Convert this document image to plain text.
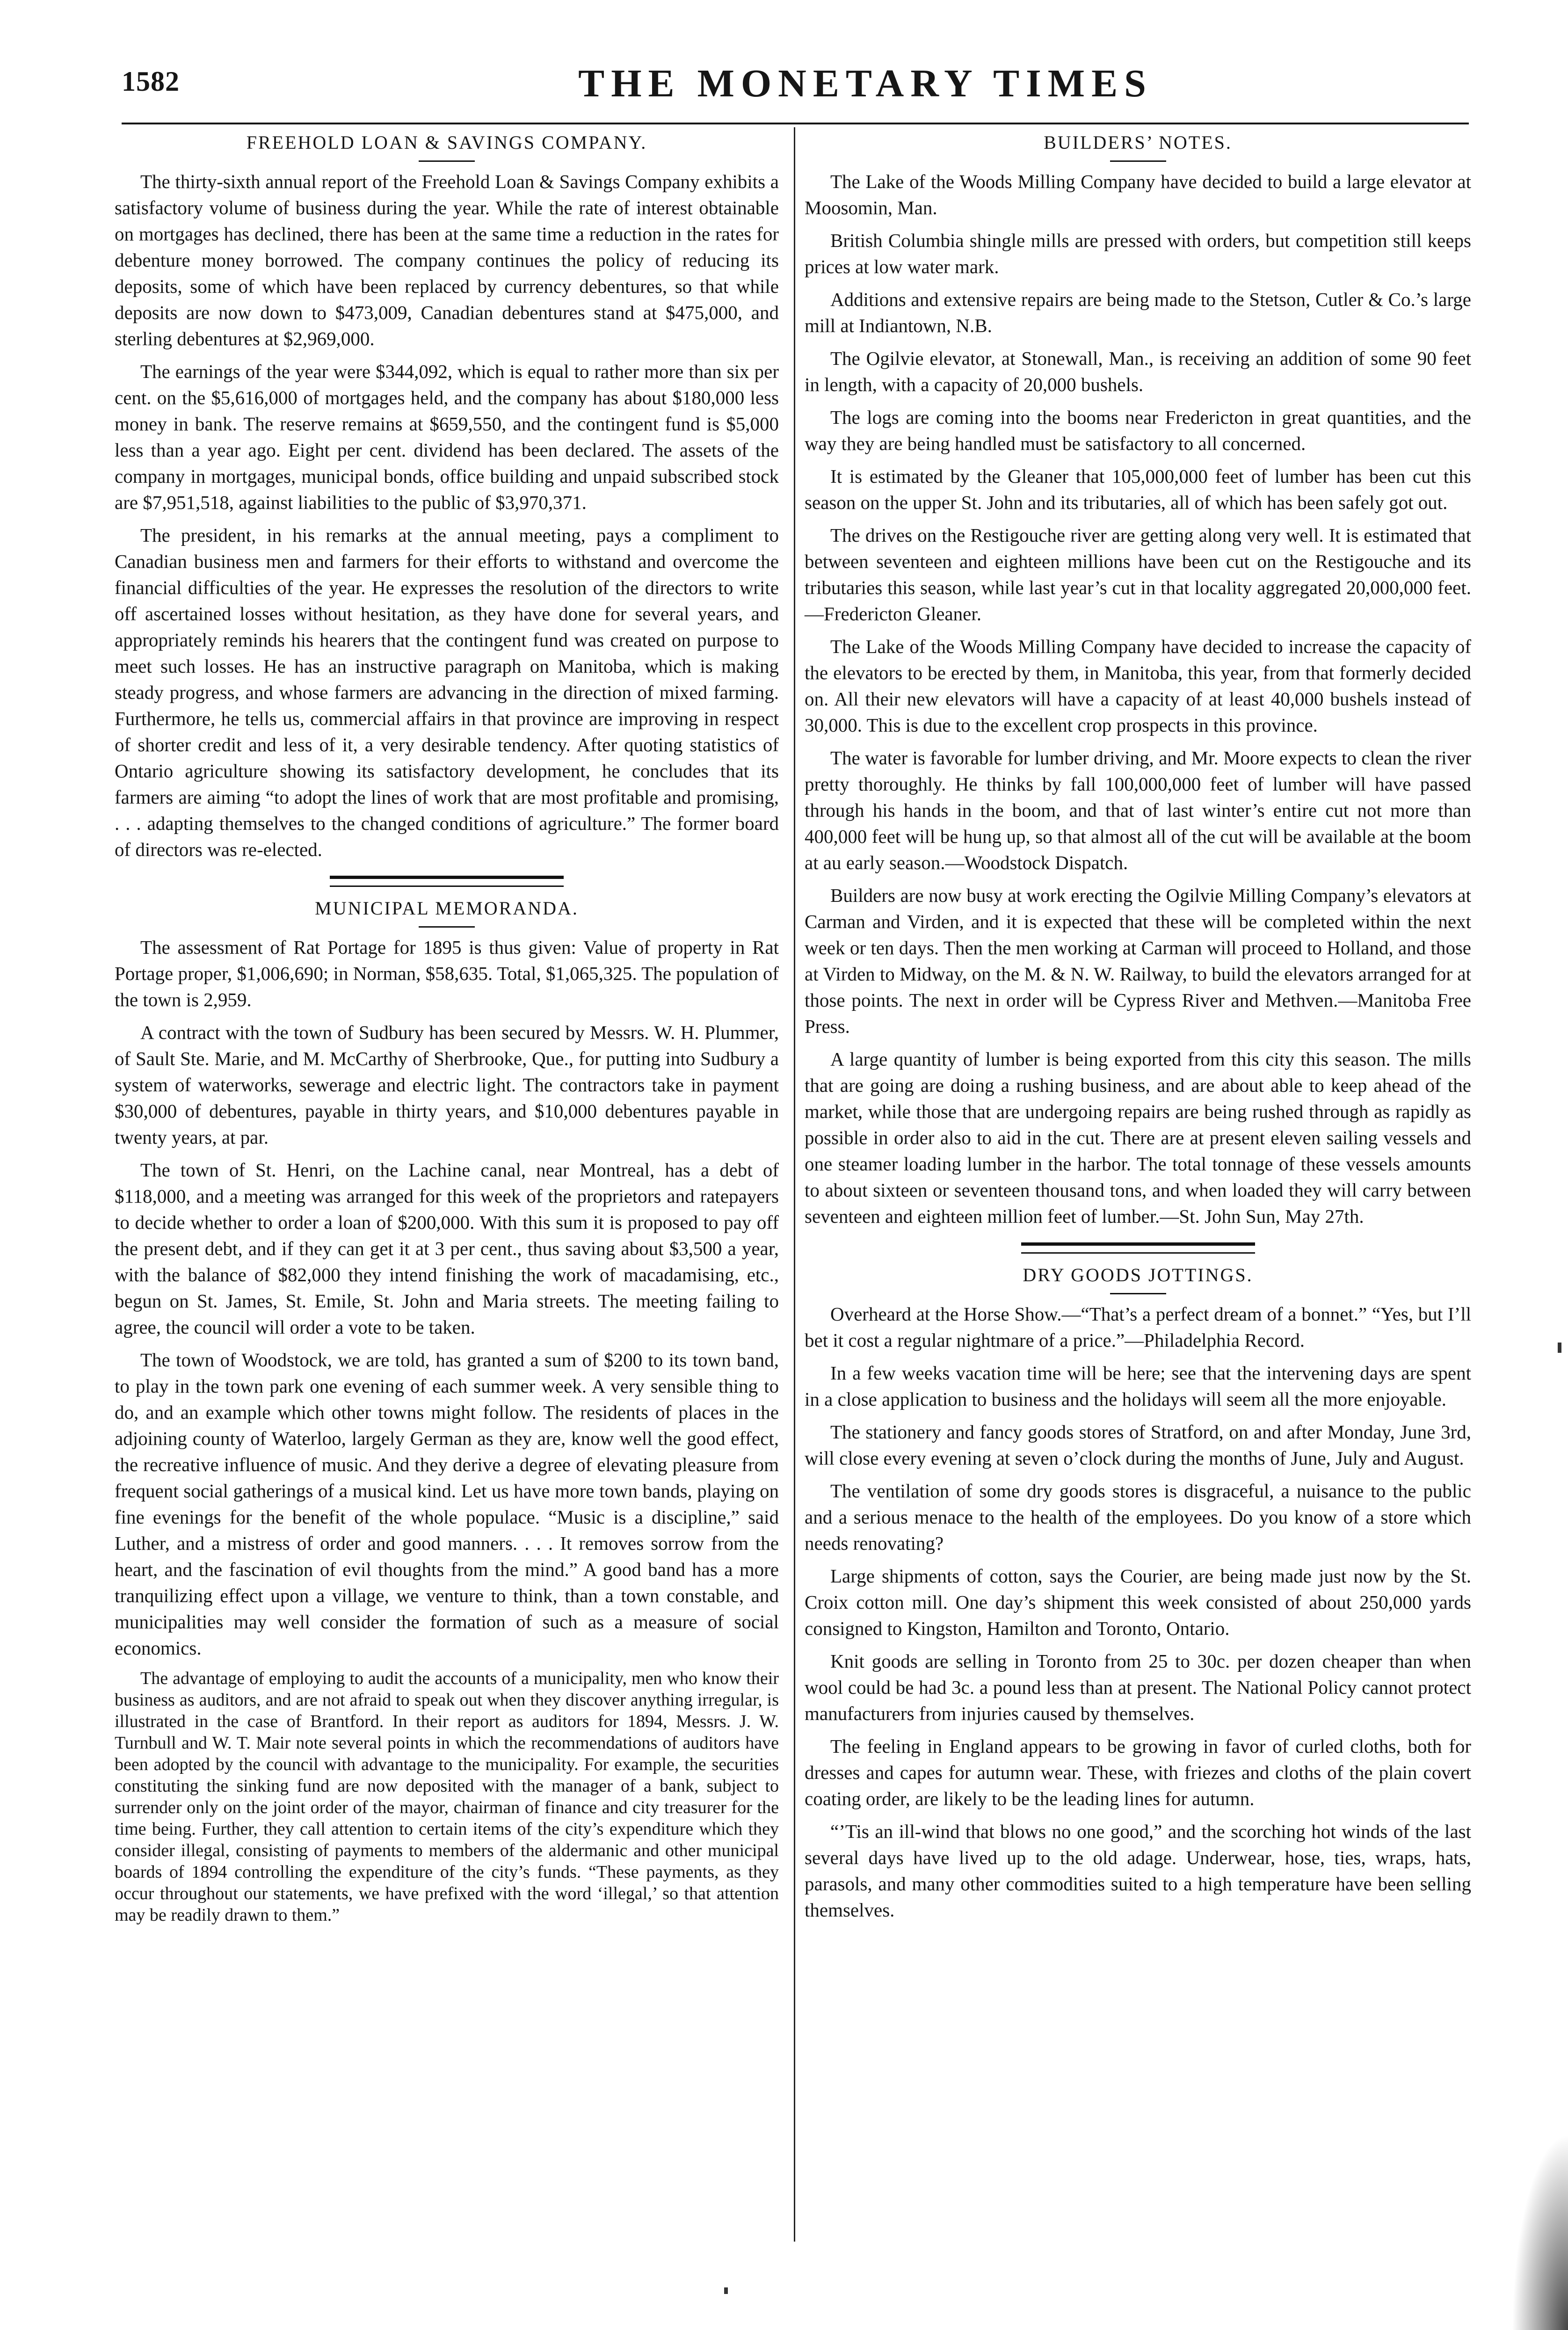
1582	THE MONETARY TIMES
FREEHOLD LOAN & SAVINGS COMPANY.

The thirty-sixth annual report of the Freehold Loan & Savings Company exhibits a satisfactory volume of business during the year. While the rate of interest obtainable on mortgages has declined, there has been at the same time a reduction in the rates for debenture money borrowed. The company continues the policy of reducing its deposits, some of which have been replaced by currency debentures, so that while deposits are now down to $473,009, Canadian debentures stand at $475,000, and sterling debentures at $2,969,000.

The earnings of the year were $344,092, which is equal to rather more than six per cent. on the $5,616,000 of mortgages held, and the company has about $180,000 less money in bank. The reserve remains at $659,550, and the contingent fund is $5,000 less than a year ago. Eight per cent. dividend has been declared. The assets of the company in mortgages, municipal bonds, office building and unpaid subscribed stock are $7,951,518, against liabilities to the public of $3,970,371.

The president, in his remarks at the annual meeting, pays a compliment to Canadian business men and farmers for their efforts to withstand and overcome the financial difficulties of the year. He expresses the resolution of the directors to write off ascertained losses without hesitation, as they have done for several years, and appropriately reminds his hearers that the contingent fund was created on purpose to meet such losses. He has an instructive paragraph on Manitoba, which is making steady progress, and whose farmers are advancing in the direction of mixed farming. Furthermore, he tells us, commercial affairs in that province are improving in respect of shorter credit and less of it, a very desirable tendency. After quoting statistics of Ontario agriculture showing its satisfactory development, he concludes that its farmers are aiming “to adopt the lines of work that are most profitable and promising, . . . adapting themselves to the changed conditions of agriculture.” The former board of directors was re-elected.

MUNICIPAL MEMORANDA.

The assessment of Rat Portage for 1895 is thus given: Value of property in Rat Portage proper, $1,006,690; in Norman, $58,635. Total, $1,065,325. The population of the town is 2,959.

A contract with the town of Sudbury has been secured by Messrs. W. H. Plummer, of Sault Ste. Marie, and M. McCarthy of Sherbrooke, Que., for putting into Sudbury a system of waterworks, sewerage and electric light. The contractors take in payment $30,000 of debentures, payable in thirty years, and $10,000 debentures payable in twenty years, at par.

The town of St. Henri, on the Lachine canal, near Montreal, has a debt of $118,000, and a meeting was arranged for this week of the proprietors and ratepayers to decide whether to order a loan of $200,000. With this sum it is proposed to pay off the present debt, and if they can get it at 3 per cent., thus saving about $3,500 a year, with the balance of $82,000 they intend finishing the work of macadamising, etc., begun on St. James, St. Emile, St. John and Maria streets. The meeting failing to agree, the council will order a vote to be taken.

The town of Woodstock, we are told, has granted a sum of $200 to its town band, to play in the town park one evening of each summer week. A very sensible thing to do, and an example which other towns might follow. The residents of places in the adjoining county of Waterloo, largely German as they are, know well the good effect, the recreative influence of music. And they derive a degree of elevating pleasure from frequent social gatherings of a musical kind. Let us have more town bands, playing on fine evenings for the benefit of the whole populace. “Music is a discipline,” said Luther, and a mistress of order and good manners. . . . It removes sorrow from the heart, and the fascination of evil thoughts from the mind.” A good band has a more tranquilizing effect upon a village, we venture to think, than a town constable, and municipalities may well consider the formation of such as a measure of social economics.

The advantage of employing to audit the accounts of a municipality, men who know their business as auditors, and are not afraid to speak out when they discover anything irregular, is illustrated in the case of Brantford. In their report as auditors for 1894, Messrs. J. W. Turnbull and W. T. Mair note several points in which the recommendations of auditors have been adopted by the council with advantage to the municipality. For example, the securities constituting the sinking fund are now deposited with the manager of a bank, subject to surrender only on the joint order of the mayor, chairman of finance and city treasurer for the time being. Further, they call attention to certain items of the city’s expenditure which they consider illegal, consisting of payments to members of the aldermanic and other municipal boards of 1894 controlling the expenditure of the city’s funds. “These payments, as they occur throughout our statements, we have prefixed with the word ‘illegal,’ so that attention may be readily drawn to them.”

BUILDERS’ NOTES.

The Lake of the Woods Milling Company have decided to build a large elevator at Moosomin, Man.

British Columbia shingle mills are pressed with orders, but competition still keeps prices at low water mark.

Additions and extensive repairs are being made to the Stetson, Cutler & Co.’s large mill at Indiantown, N.B.

The Ogilvie elevator, at Stonewall, Man., is receiving an addition of some 90 feet in length, with a capacity of 20,000 bushels.

The logs are coming into the booms near Fredericton in great quantities, and the way they are being handled must be satisfactory to all concerned.

It is estimated by the Gleaner that 105,000,000 feet of lumber has been cut this season on the upper St. John and its tributaries, all of which has been safely got out.

The drives on the Restigouche river are getting along very well. It is estimated that between seventeen and eighteen millions have been cut on the Restigouche and its tributaries this season, while last year’s cut in that locality aggregated 20,000,000 feet.—Fredericton Gleaner.

The Lake of the Woods Milling Company have decided to increase the capacity of the elevators to be erected by them, in Manitoba, this year, from that formerly decided on. All their new elevators will have a capacity of at least 40,000 bushels instead of 30,000. This is due to the excellent crop prospects in this province.

The water is favorable for lumber driving, and Mr. Moore expects to clean the river pretty thoroughly. He thinks by fall 100,000,000 feet of lumber will have passed through his hands in the boom, and that of last winter’s entire cut not more than 400,000 feet will be hung up, so that almost all of the cut will be available at the boom at au early season.—Woodstock Dispatch.

Builders are now busy at work erecting the Ogilvie Milling Company’s elevators at Carman and Virden, and it is expected that these will be completed within the next week or ten days. Then the men working at Carman will proceed to Holland, and those at Virden to Midway, on the M. & N. W. Railway, to build the elevators arranged for at those points. The next in order will be Cypress River and Methven.—Manitoba Free Press.

A large quantity of lumber is being exported from this city this season. The mills that are going are doing a rushing business, and are about able to keep ahead of the market, while those that are undergoing repairs are being rushed through as rapidly as possible in order also to aid in the cut. There are at present eleven sailing vessels and one steamer loading lumber in the harbor. The total tonnage of these vessels amounts to about sixteen or seventeen thousand tons, and when loaded they will carry between seventeen and eighteen million feet of lumber.—St. John Sun, May 27th.

DRY GOODS JOTTINGS.

Overheard at the Horse Show.—“That’s a perfect dream of a bonnet.” “Yes, but I’ll bet it cost a regular nightmare of a price.”—Philadelphia Record.

In a few weeks vacation time will be here; see that the intervening days are spent in a close application to business and the holidays will seem all the more enjoyable.

The stationery and fancy goods stores of Stratford, on and after Monday, June 3rd, will close every evening at seven o’clock during the months of June, July and August.

The ventilation of some dry goods stores is disgraceful, a nuisance to the public and a serious menace to the health of the employees. Do you know of a store which needs renovating?

Large shipments of cotton, says the Courier, are being made just now by the St. Croix cotton mill. One day’s shipment this week consisted of about 250,000 yards consigned to Kingston, Hamilton and Toronto, Ontario.

Knit goods are selling in Toronto from 25 to 30c. per dozen cheaper than when wool could be had 3c. a pound less than at present. The National Policy cannot protect manufacturers from injuries caused by themselves.

The feeling in England appears to be growing in favor of curled cloths, both for dresses and capes for autumn wear. These, with friezes and cloths of the plain covert coating order, are likely to be the leading lines for autumn.

“’Tis an ill-wind that blows no one good,” and the scorching hot winds of the last several days have lived up to the old adage. Underwear, hose, ties, wraps, hats, parasols, and many other commodities suited to a high temperature have been selling themselves.
